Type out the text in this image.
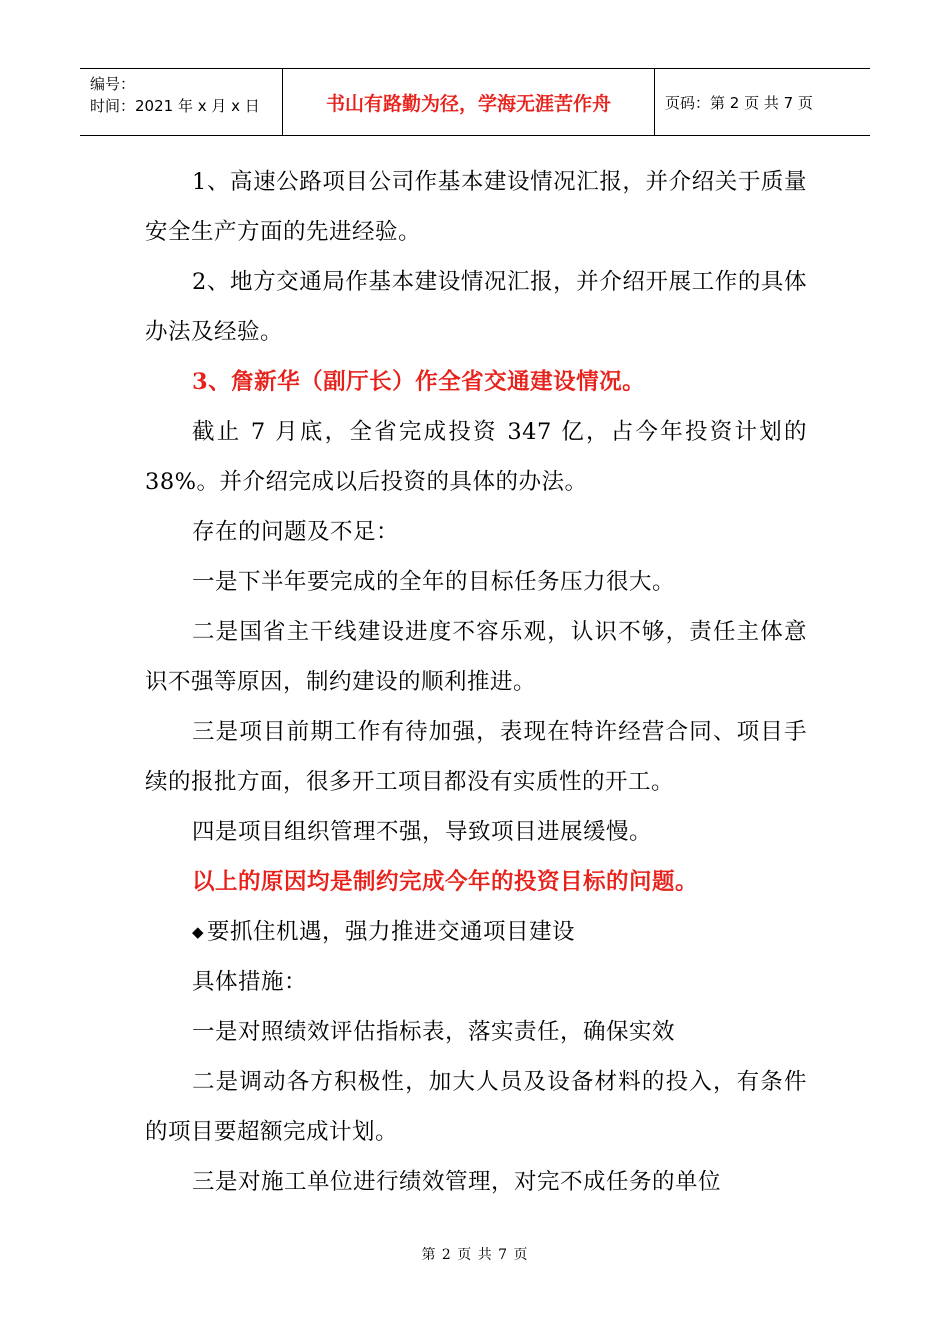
编号：
时间：2021 年 x 月 x 日	书山有路勤为径，学海无涯苦作舟	页码：第 2 页 共 7 页

1、高速公路项目公司作基本建设情况汇报，并介绍关于质量安全生产方面的先进经验。

2、地方交通局作基本建设情况汇报，并介绍开展工作的具体办法及经验。

3、詹新华（副厅长）作全省交通建设情况。

截止 7 月底，全省完成投资 347 亿，占今年投资计划的 38%。并介绍完成以后投资的具体的办法。

存在的问题及不足：

一是下半年要完成的全年的目标任务压力很大。

二是国省主干线建设进度不容乐观，认识不够，责任主体意识不强等原因，制约建设的顺利推进。

三是项目前期工作有待加强，表现在特许经营合同、项目手续的报批方面，很多开工项目都没有实质性的开工。

四是项目组织管理不强，导致项目进展缓慢。

以上的原因均是制约完成今年的投资目标的问题。

◆ 要抓住机遇，强力推进交通项目建设

具体措施：

一是对照绩效评估指标表，落实责任，确保实效

二是调动各方积极性，加大人员及设备材料的投入，有条件的项目要超额完成计划。

三是对施工单位进行绩效管理，对完不成任务的单位

第 2 页 共 7 页
